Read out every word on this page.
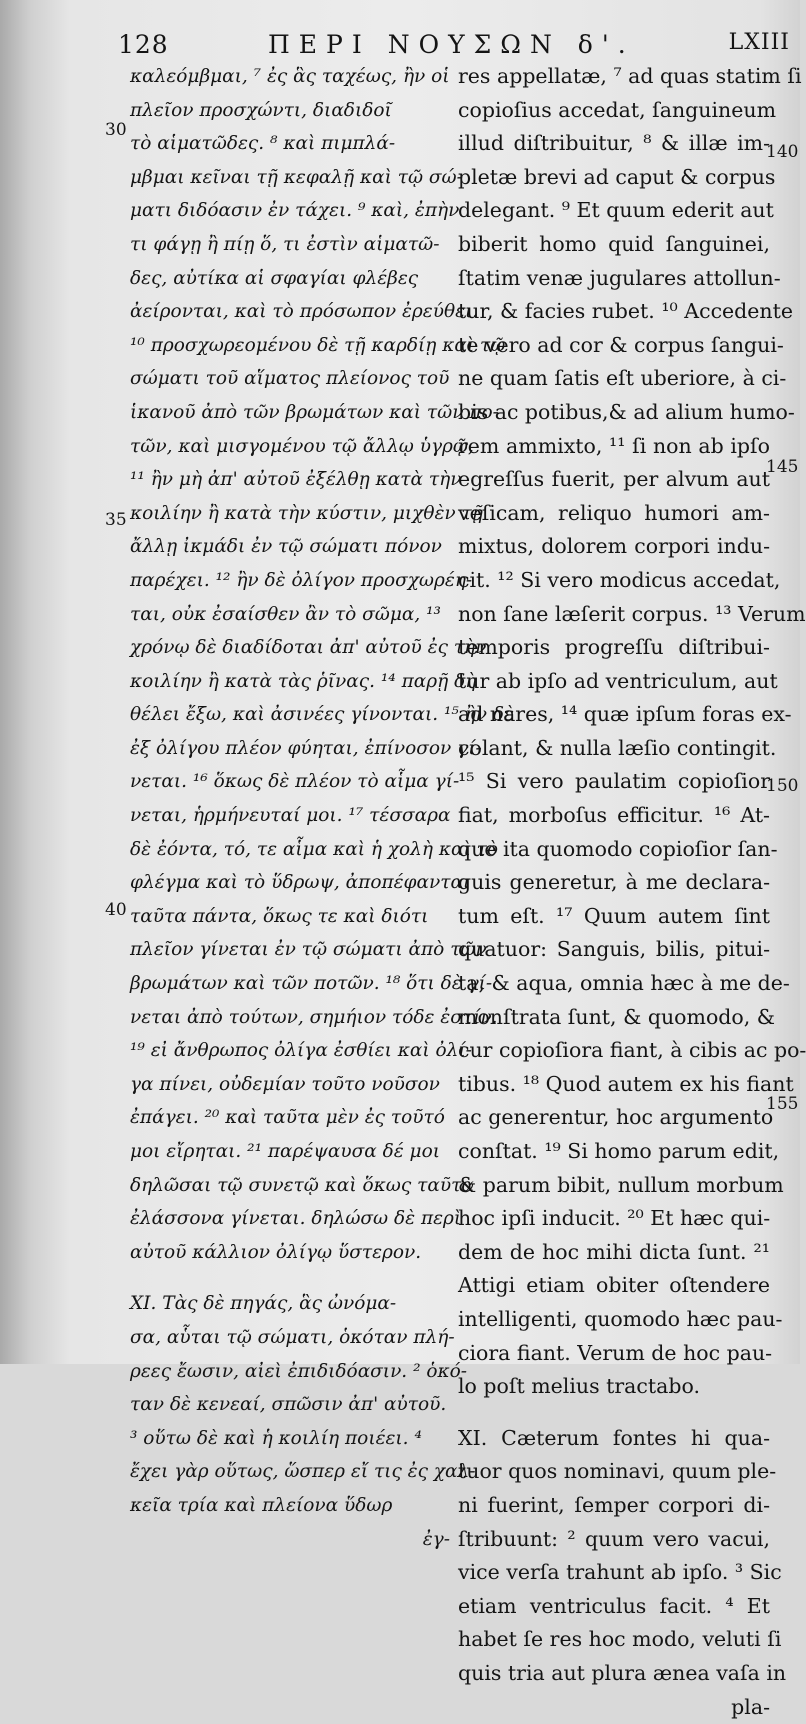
128	ΠΕΡΙ ΝΟΥΣΩΝ δ'.	LXIII
30
35
40
140
145
150
155
καλεόμβμαι, ⁷ ἐς ἃς ταχέως, ἢν οἱ
πλεῖον προσχώντι, διαδιδοῖ
τὸ αἱματῶδες. ⁸ καὶ πιμπλά-
μβμαι κεῖναι τῇ κεφαλῇ καὶ τῷ σώ-
ματι διδόασιν ἐν τάχει. ⁹ καὶ, ἐπὴν
τι φάγῃ ἢ πίῃ ὅ, τι ἐστὶν αἱματῶ-
δες, αὐτίκα αἱ σφαγίαι φλέβες
ἀείρονται, καὶ τὸ πρόσωπον ἐρεύθει.
¹⁰ προσχωρεομένου δὲ τῇ καρδίῃ καὶ τῷ
σώματι τοῦ αἵματος πλείονος τοῦ
ἱκανοῦ ἀπὸ τῶν βρωμάτων καὶ τῶν πο-
τῶν, καὶ μισγομένου τῷ ἄλλῳ ὑγρῷ,
¹¹ ἢν μὴ ἀπ' αὐτοῦ ἐξέλθῃ κατὰ τὴν
κοιλίην ἢ κατὰ τὴν κύστιν, μιχθὲν τῇ
ἄλλῃ ἰκμάδι ἐν τῷ σώματι πόνον
παρέχει. ¹² ἢν δὲ ὀλίγον προσχωρέη-
ται, οὐκ ἐσαίσθεν ἂν τὸ σῶμα, ¹³
χρόνῳ δὲ διαδίδοται ἀπ' αὐτοῦ ἐς τὴν
κοιλίην ἢ κατὰ τὰς ῥῖνας. ¹⁴ παρῇ δὴ
θέλει ἔξω, καὶ ἀσινέες γίνονται. ¹⁵ ἢν δὲ
ἐξ ὀλίγου πλέον φύηται, ἐπίνοσον γί-
νεται. ¹⁶ ὅκως δὲ πλέον τὸ αἷμα γί-
νεται, ἡρμήνευταί μοι. ¹⁷ τέσσαρα
δὲ ἐόντα, τό, τε αἷμα καὶ ἡ χολὴ καὶ τὸ
φλέγμα καὶ τὸ ὕδρωψ, ἀποπέφανται
ταῦτα πάντα, ὅκως τε καὶ διότι
πλεῖον γίνεται ἐν τῷ σώματι ἀπὸ τῶν
βρωμάτων καὶ τῶν ποτῶν. ¹⁸ ὅτι δὲ γί-
νεται ἀπὸ τούτων, σημήιον τόδε ἐστίν.
¹⁹ εἰ ἄνθρωπος ὀλίγα ἐσθίει καὶ ὀλί-
γα πίνει, οὐδεμίαν τοῦτο νοῦσον
ἐπάγει. ²⁰ καὶ ταῦτα μὲν ἐς τοῦτό
μοι εἴρηται. ²¹ παρέψαυσα δέ μοι
δηλῶσαι τῷ συνετῷ καὶ ὅκως ταῦτα
ἐλάσσονα γίνεται. δηλώσω δὲ περὶ
αὐτοῦ κάλλιον ὀλίγῳ ὕστερον.
XI. Τὰς δὲ πηγάς, ἃς ὠνόμα-
σα, αὗται τῷ σώματι, ὁκόταν πλή-
ρεες ἔωσιν, αἰεὶ ἐπιδιδόασιν. ² ὁκό-
ταν δὲ κενεαί, σπῶσιν ἀπ' αὐτοῦ.
³ οὕτω δὲ καὶ ἡ κοιλίη ποιέει. ⁴
ἔχει γὰρ οὕτως, ὥσπερ εἴ τις ἐς χαλ-
κεῖα τρία καὶ πλείονα ὕδωρ
ἐγ-
res appellatæ, ⁷ ad quas statim ſi
copioſius accedat, ſanguineum
illud diſtribuitur, ⁸ & illæ im-
pletæ brevi ad caput & corpus
delegant. ⁹ Et quum ederit aut
biberit homo quid ſanguinei,
ſtatim venæ jugulares attollun-
tur, & facies rubet. ¹⁰ Accedente
te vero ad cor & corpus ſangui-
ne quam ſatis eſt uberiore, à ci-
bis ac potibus,& ad alium humo-
rem ammixto, ¹¹ ſi non ab ipſo
egreſſus fuerit, per alvum aut
veſicam, reliquo humori am-
mixtus, dolorem corpori indu-
cit. ¹² Si vero modicus accedat,
non ſane læſerit corpus. ¹³ Verum
temporis progreſſu diſtribui-
tur ab ipſo ad ventriculum, aut
ad nares, ¹⁴ quæ ipſum foras ex-
colant, & nulla læſio contingit.
¹⁵ Si vero paulatim copioſior
fiat, morboſus efficitur. ¹⁶ At-
que ita quomodo copioſior ſan-
guis generetur, à me declara-
tum eſt. ¹⁷ Quum autem ſint
quatuor: Sanguis, bilis, pitui-
ta, & aqua, omnia hæc à me de-
monſtrata ſunt, & quomodo, &
cur copioſiora fiant, à cibis ac po-
tibus. ¹⁸ Quod autem ex his fiant
ac generentur, hoc argumento
conſtat. ¹⁹ Si homo parum edit,
& parum bibit, nullum morbum
hoc ipſi inducit. ²⁰ Et hæc qui-
dem de hoc mihi dicta ſunt. ²¹
Attigi etiam obiter oſtendere
intelligenti, quomodo hæc pau-
ciora fiant. Verum de hoc pau-
lo poſt melius tractabo.
XI. Cæterum fontes hi qua-
tuor quos nominavi, quum ple-
ni fuerint, ſemper corpori di-
ſtribuunt: ² quum vero vacui,
vice verſa trahunt ab ipſo. ³ Sic
etiam ventriculus facit. ⁴ Et
habet ſe res hoc modo, veluti ſi
quis tria aut plura ænea vaſa in
pla-
